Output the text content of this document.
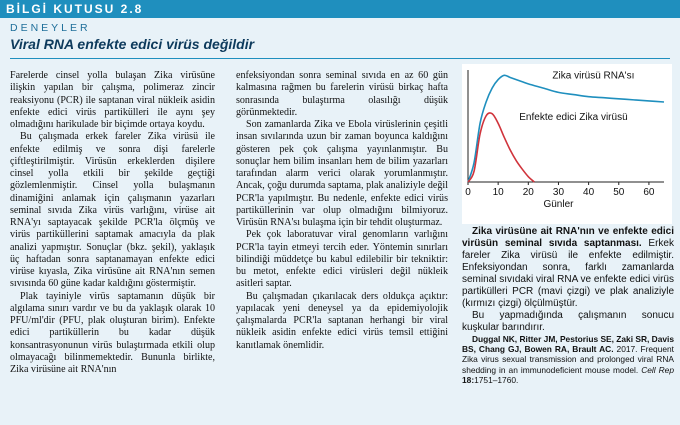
BİLGİ KUTUSU 2.8
DENEYLER
Viral RNA enfekte edici virüs değildir

Farelerde cinsel yolla bulaşan Zika virüsüne ilişkin yapılan bir çalışma, polimeraz zincir reaksiyonu (PCR) ile saptanan viral nükleik asidin enfekte edici virüs partikülleri ile aynı şey olmadığını harikulade bir biçimde ortaya koydu.

Bu çalışmada erkek fareler Zika virüsü ile enfekte edilmiş ve sonra dişi farelerle çiftleştirilmiştir. Virüsün erkeklerden dişilere cinsel yolla etkili bir şekilde geçtiği gözlemlenmiştir. Cinsel yolla bulaşmanın dinamiğini anlamak için çalışmanın yazarları seminal sıvıda Zika virüs varlığını, virüse ait RNA'yı saptayacak şekilde PCR'la ölçmüş ve virüs partiküllerini saptamak amacıyla da plak analizi yapmıştır. Sonuçlar (bkz. şekil), yaklaşık üç haftadan sonra saptanamayan enfekte edici virüse kıyasla, Zika virüsüne ait RNA'nın semen sıvısında 60 güne kadar kaldığını göstermiştir.

Plak tayiniyle virüs saptamanın düşük bir algılama sınırı vardır ve bu da yaklaşık olarak 10 PFU/ml'dir (PFU, plak oluşturan birim). Enfekte edici partiküllerin bu kadar düşük konsantrasyonunun virüs bulaştırmada etkili olup olmayacağı bilinmemektedir. Bununla birlikte, Zika virüsüne ait RNA'nın

enfeksiyondan sonra seminal sıvıda en az 60 gün kalmasına rağmen bu farelerin virüsü birkaç hafta sonrasında bulaştırma olasılığı düşük görünmektedir.

Son zamanlarda Zika ve Ebola virüslerinin çeşitli insan sıvılarında uzun bir zaman boyunca kaldığını gösteren pek çok çalışma yayınlanmıştır. Bu sonuçlar hem bilim insanları hem de bilim yazarları tarafından alarm verici olarak yorumlanmıştır. Ancak, çoğu durumda saptama, plak analiziyle değil PCR'la yapılmıştır. Bu nedenle, enfekte edici virüs partiküllerinin var olup olmadığını bilmiyoruz. Virüsün RNA'sı bulaşma için bir tehdit oluşturmaz.

Pek çok laboratuvar viral genomların varlığını PCR'la tayin etmeyi tercih eder. Yöntemin sınırları bilindiği müddetçe bu kabul edilebilir bir tekniktir: bu metot, enfekte edici virüsleri değil nükleik asitleri saptar.

Bu çalışmadan çıkarılacak ders oldukça açıktır: yapılacak yeni deneysel ya da epidemiyolojik çalışmalarda PCR'la saptanan herhangi bir viral nükleik asidin enfekte edici virüs temsil ettiğini kanıtlamak önemlidir.

0 10 20 30 40 50 60
Günler
Zika virüsü RNA'sı
Enfekte edici Zika virüsü

Zika virüsüne ait RNA'nın ve enfekte edici virüsün seminal sıvıda saptanması. Erkek fareler Zika virüsü ile enfekte edilmiştir. Enfeksiyondan sonra, farklı zamanlarda seminal sıvıdaki viral RNA ve enfekte edici virüs partikülleri PCR (mavi çizgi) ve plak analiziyle (kırmızı çizgi) ölçülmüştür.

Bu yapmadığında çalışmanın sonucu kuşkular barındırır.

Duggal NK, Ritter JM, Pestorius SE, Zaki SR, Davis BS, Chang GJ, Bowen RA, Brault AC. 2017. Frequent Zika virus sexual transmission and prolonged viral RNA shedding in an immunodeficient mouse model. Cell Rep 18:1751–1760.
